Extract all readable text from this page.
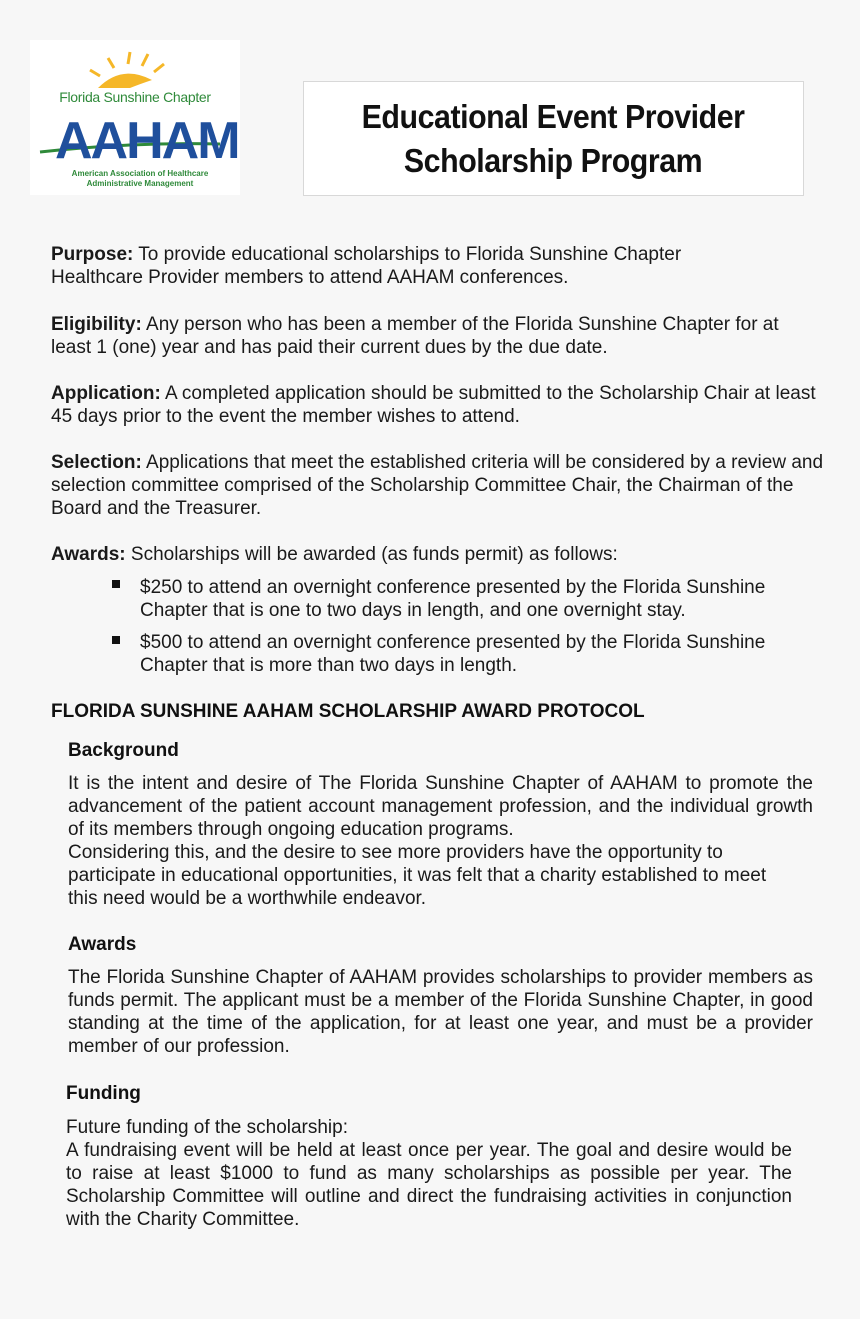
Florida Sunshine Chapter
AAHAM
American Association of Healthcare
Administrative Management
Educational Event Provider
Scholarship Program
Purpose: To provide educational scholarships to Florida Sunshine Chapter Healthcare Provider members to attend AAHAM conferences.
Eligibility: Any person who has been a member of the Florida Sunshine Chapter for at least 1 (one) year and has paid their current dues by the due date.
Application: A completed application should be submitted to the Scholarship Chair at least 45 days prior to the event the member wishes to attend.
Selection: Applications that meet the established criteria will be considered by a review and selection committee comprised of the Scholarship Committee Chair, the Chairman of the Board and the Treasurer.
Awards: Scholarships will be awarded (as funds permit) as follows:
$250 to attend an overnight conference presented by the Florida Sunshine Chapter that is one to two days in length, and one overnight stay.
$500 to attend an overnight conference presented by the Florida Sunshine Chapter that is more than two days in length.
FLORIDA SUNSHINE AAHAM SCHOLARSHIP AWARD PROTOCOL
Background
It is the intent and desire of The Florida Sunshine Chapter of AAHAM to promote the advancement of the patient account management profession, and the individual growth of its members through ongoing education programs.
Considering this, and the desire to see more providers have the opportunity to participate in educational opportunities, it was felt that a charity established to meet this need would be a worthwhile endeavor.
Awards
The Florida Sunshine Chapter of AAHAM provides scholarships to provider members as funds permit. The applicant must be a member of the Florida Sunshine Chapter, in good standing at the time of the application, for at least one year, and must be a provider member of our profession.
Funding
Future funding of the scholarship:
A fundraising event will be held at least once per year. The goal and desire would be to raise at least $1000 to fund as many scholarships as possible per year. The Scholarship Committee will outline and direct the fundraising activities in conjunction with the Charity Committee.
